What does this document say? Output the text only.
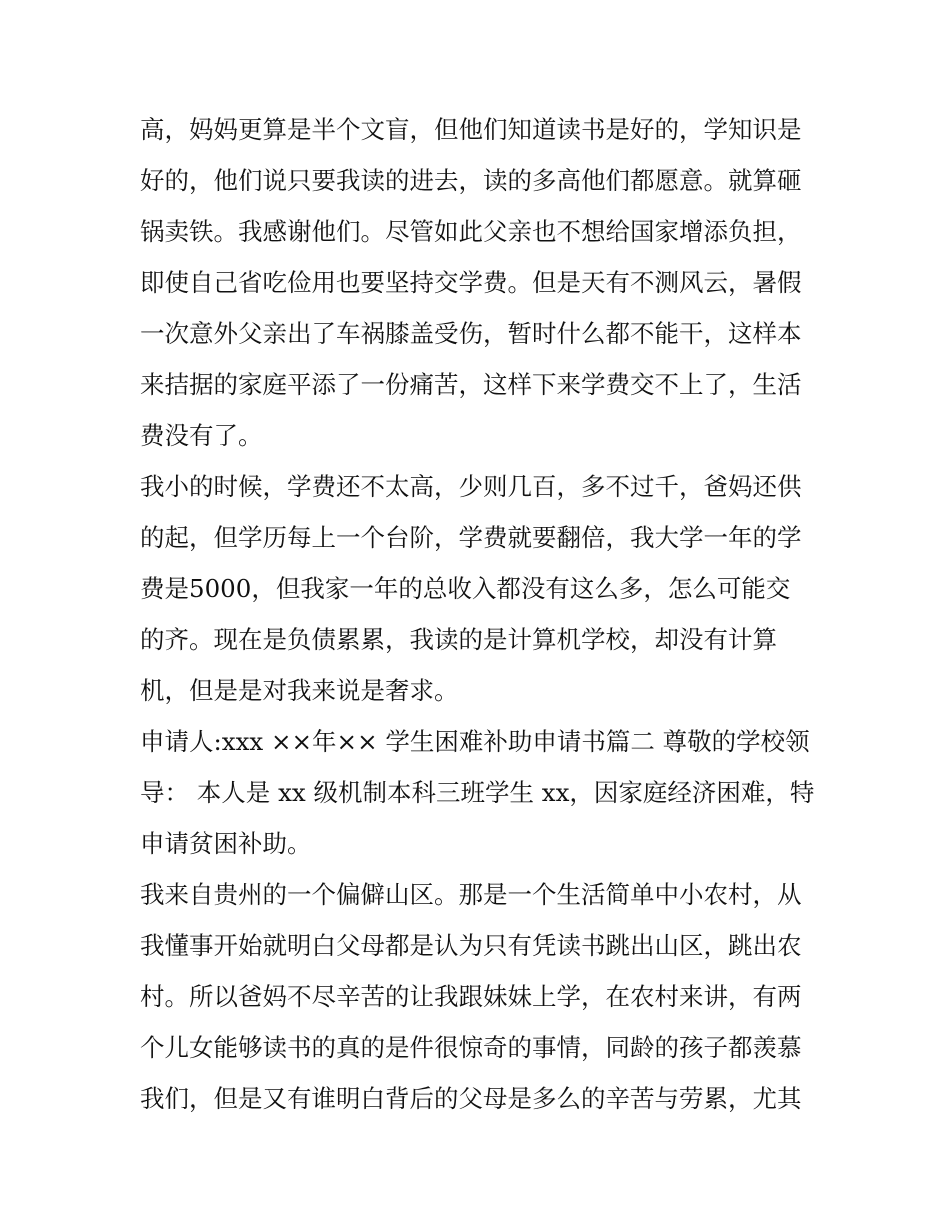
高，妈妈更算是半个文盲，但他们知道读书是好的，学知识是
好的，他们说只要我读的进去，读的多高他们都愿意。就算砸
锅卖铁。我感谢他们。尽管如此父亲也不想给国家增添负担，
即使自己省吃俭用也要坚持交学费。但是天有不测风云，暑假
一次意外父亲出了车祸膝盖受伤，暂时什么都不能干，这样本
来拮据的家庭平添了一份痛苦，这样下来学费交不上了，生活
费没有了。
我小的时候，学费还不太高，少则几百，多不过千，爸妈还供
的起，但学历每上一个台阶，学费就要翻倍，我大学一年的学
费是5000，但我家一年的总收入都没有这么多，怎么可能交
的齐。现在是负债累累，我读的是计算机学校，却没有计算
机，但是是对我来说是奢求。
申请人:xxx ××年×× 学生困难补助申请书篇二 尊敬的学校领
导： 本人是 xx 级机制本科三班学生 xx，因家庭经济困难，特
申请贫困补助。
我来自贵州的一个偏僻山区。那是一个生活简单中小农村，从
我懂事开始就明白父母都是认为只有凭读书跳出山区，跳出农
村。所以爸妈不尽辛苦的让我跟妹妹上学，在农村来讲，有两
个儿女能够读书的真的是件很惊奇的事情，同龄的孩子都羡慕
我们，但是又有谁明白背后的父母是多么的辛苦与劳累，尤其
